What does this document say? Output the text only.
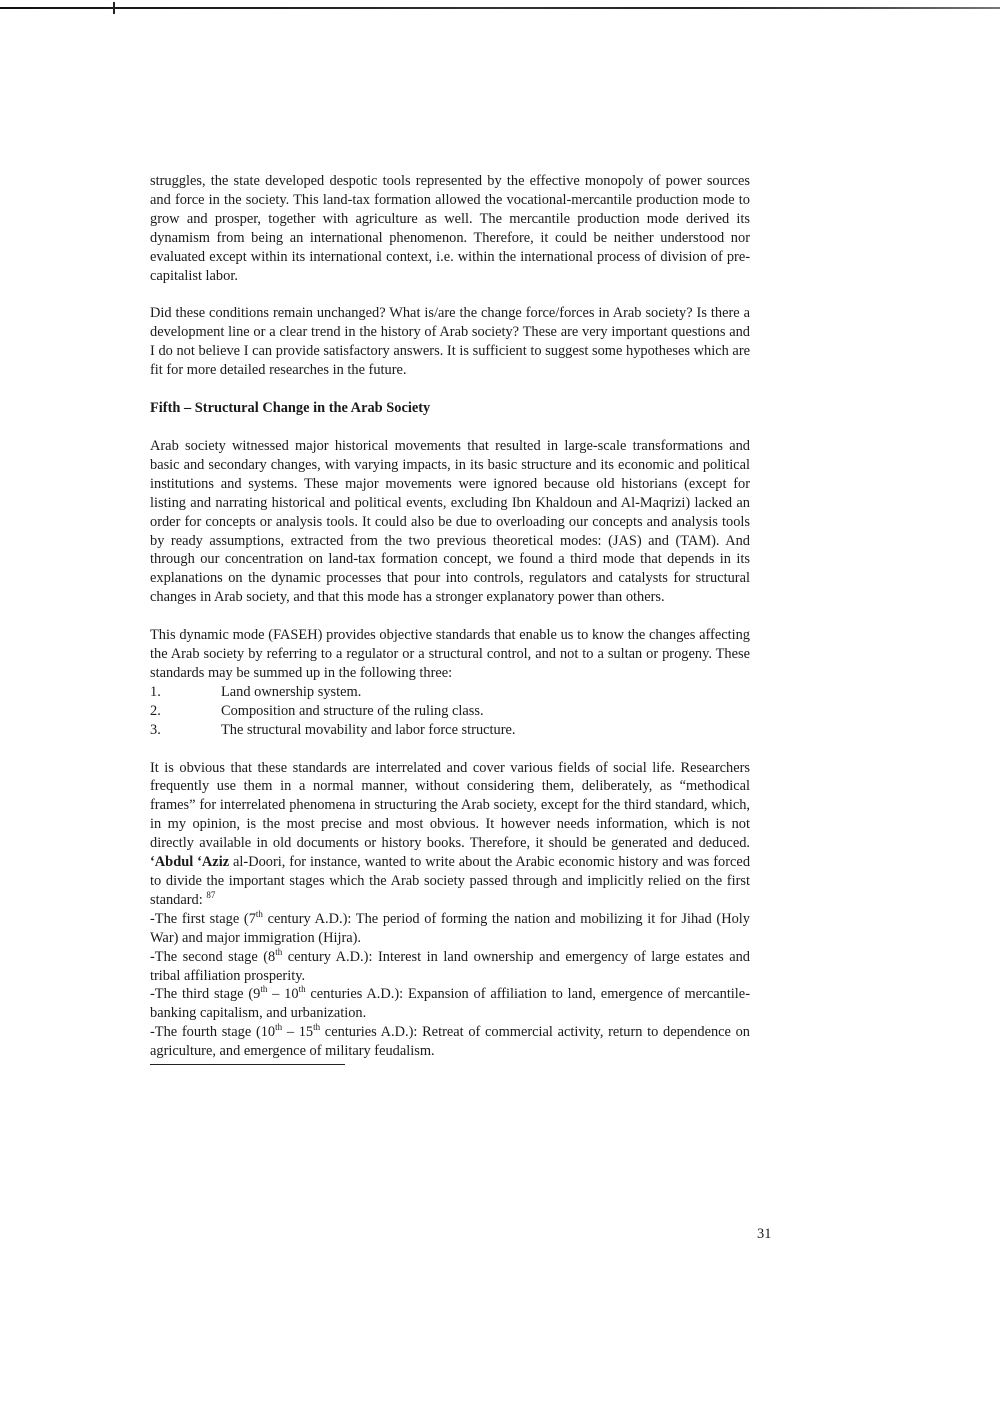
struggles, the state developed despotic tools represented by the effective monopoly of power sources and force in the society. This land-tax formation allowed the vocational-mercantile production mode to grow and prosper, together with agriculture as well. The mercantile production mode derived its dynamism from being an international phenomenon. Therefore, it could be neither understood nor evaluated except within its international context, i.e. within the international process of division of pre-capitalist labor.

Did these conditions remain unchanged? What is/are the change force/forces in Arab society? Is there a development line or a clear trend in the history of Arab society? These are very important questions and I do not believe I can provide satisfactory answers. It is sufficient to suggest some hypotheses which are fit for more detailed researches in the future.

Fifth – Structural Change in the Arab Society

Arab society witnessed major historical movements that resulted in large-scale transformations and basic and secondary changes, with varying impacts, in its basic structure and its economic and political institutions and systems. These major movements were ignored because old historians (except for listing and narrating historical and political events, excluding Ibn Khaldoun and Al-Maqrizi) lacked an order for concepts or analysis tools. It could also be due to overloading our concepts and analysis tools by ready assumptions, extracted from the two previous theoretical modes: (JAS) and (TAM). And through our concentration on land-tax formation concept, we found a third mode that depends in its explanations on the dynamic processes that pour into controls, regulators and catalysts for structural changes in Arab society, and that this mode has a stronger explanatory power than others.

This dynamic mode (FASEH) provides objective standards that enable us to know the changes affecting the Arab society by referring to a regulator or a structural control, and not to a sultan or progeny. These standards may be summed up in the following three:

1.	Land ownership system.
2.	Composition and structure of the ruling class.
3.	The structural movability and labor force structure.

It is obvious that these standards are interrelated and cover various fields of social life. Researchers frequently use them in a normal manner, without considering them, deliberately, as “methodical frames” for interrelated phenomena in structuring the Arab society, except for the third standard, which, in my opinion, is the most precise and most obvious. It however needs information, which is not directly available in old documents or history books. Therefore, it should be generated and deduced. ‘Abdul ‘Aziz al-Doori, for instance, wanted to write about the Arabic economic history and was forced to divide the important stages which the Arab society passed through and implicitly relied on the first standard: $^{87}$

-The first stage (7th century A.D.): The period of forming the nation and mobilizing it for Jihad (Holy War) and major immigration (Hijra).

-The second stage (8th century A.D.): Interest in land ownership and emergency of large estates and tribal affiliation prosperity.

-The third stage (9th – 10th centuries A.D.): Expansion of affiliation to land, emergence of mercantile-banking capitalism, and urbanization.

-The fourth stage (10th – 15th centuries A.D.): Retreat of commercial activity, return to dependence on agriculture, and emergence of military feudalism.

31
